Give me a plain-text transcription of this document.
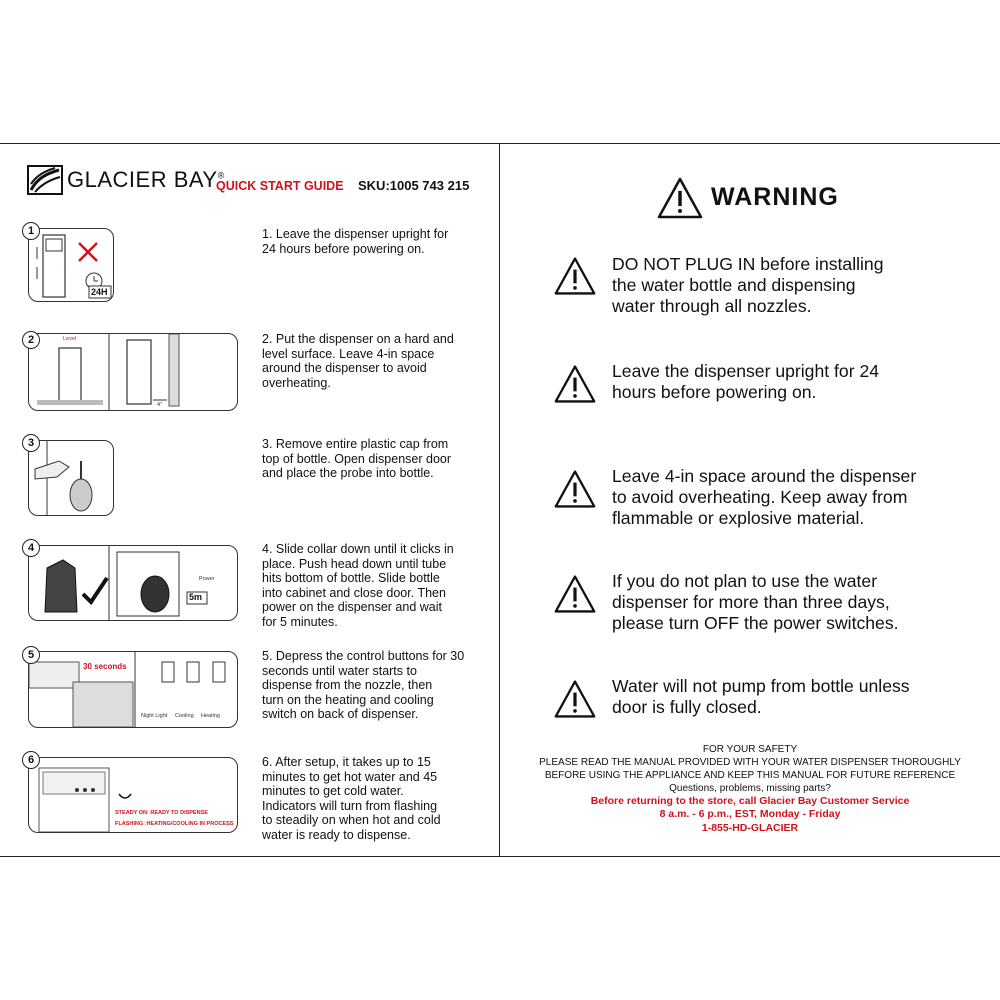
GLACIER BAY®
QUICK START GUIDE SKU:1005 743 215
1
24H
1. Leave the dispenser upright for
24 hours before powering on.
2	Level
4"
2. Put the dispenser on a hard and
level surface. Leave 4-in space
around the dispenser to avoid
overheating.
3	3. Remove entire plastic cap from
top of bottle. Open dispenser door
and place the probe into bottle.
4
5m
Power
4. Slide collar down until it clicks in
place. Push head down until tube
hits bottom of bottle. Slide bottle
into cabinet and close door. Then
power on the dispenser and wait
for 5 minutes.
5
30 seconds
Night Light Cooling Heating
5. Depress the control buttons for 30
seconds until water starts to
dispense from the nozzle, then
turn on the heating and cooling
switch on back of dispenser.
6
STEADY ON: READY TO DISPENSE
FLASHING: HEATING/COOLING IN PROCESS
6. After setup, it takes up to 15
minutes to get hot water and 45
minutes to get cold water.
Indicators will turn from flashing
to steadily on when hot and cold
water is ready to dispense.
WARNING
DO NOT PLUG IN before installing
the water bottle and dispensing
water through all nozzles.
Leave the dispenser upright for 24
hours before powering on.
Leave 4-in space around the dispenser
to avoid overheating. Keep away from
flammable or explosive material.
If you do not plan to use the water
dispenser for more than three days,
please turn OFF the power switches.
Water will not pump from bottle unless
door is fully closed.
FOR YOUR SAFETY
PLEASE READ THE MANUAL PROVIDED WITH YOUR WATER DISPENSER THOROUGHLY
BEFORE USING THE APPLIANCE AND KEEP THIS MANUAL FOR FUTURE REFERENCE
Questions, problems, missing parts?
Before returning to the store, call Glacier Bay Customer Service
8 a.m. - 6 p.m., EST, Monday - Friday
1-855-HD-GLACIER
